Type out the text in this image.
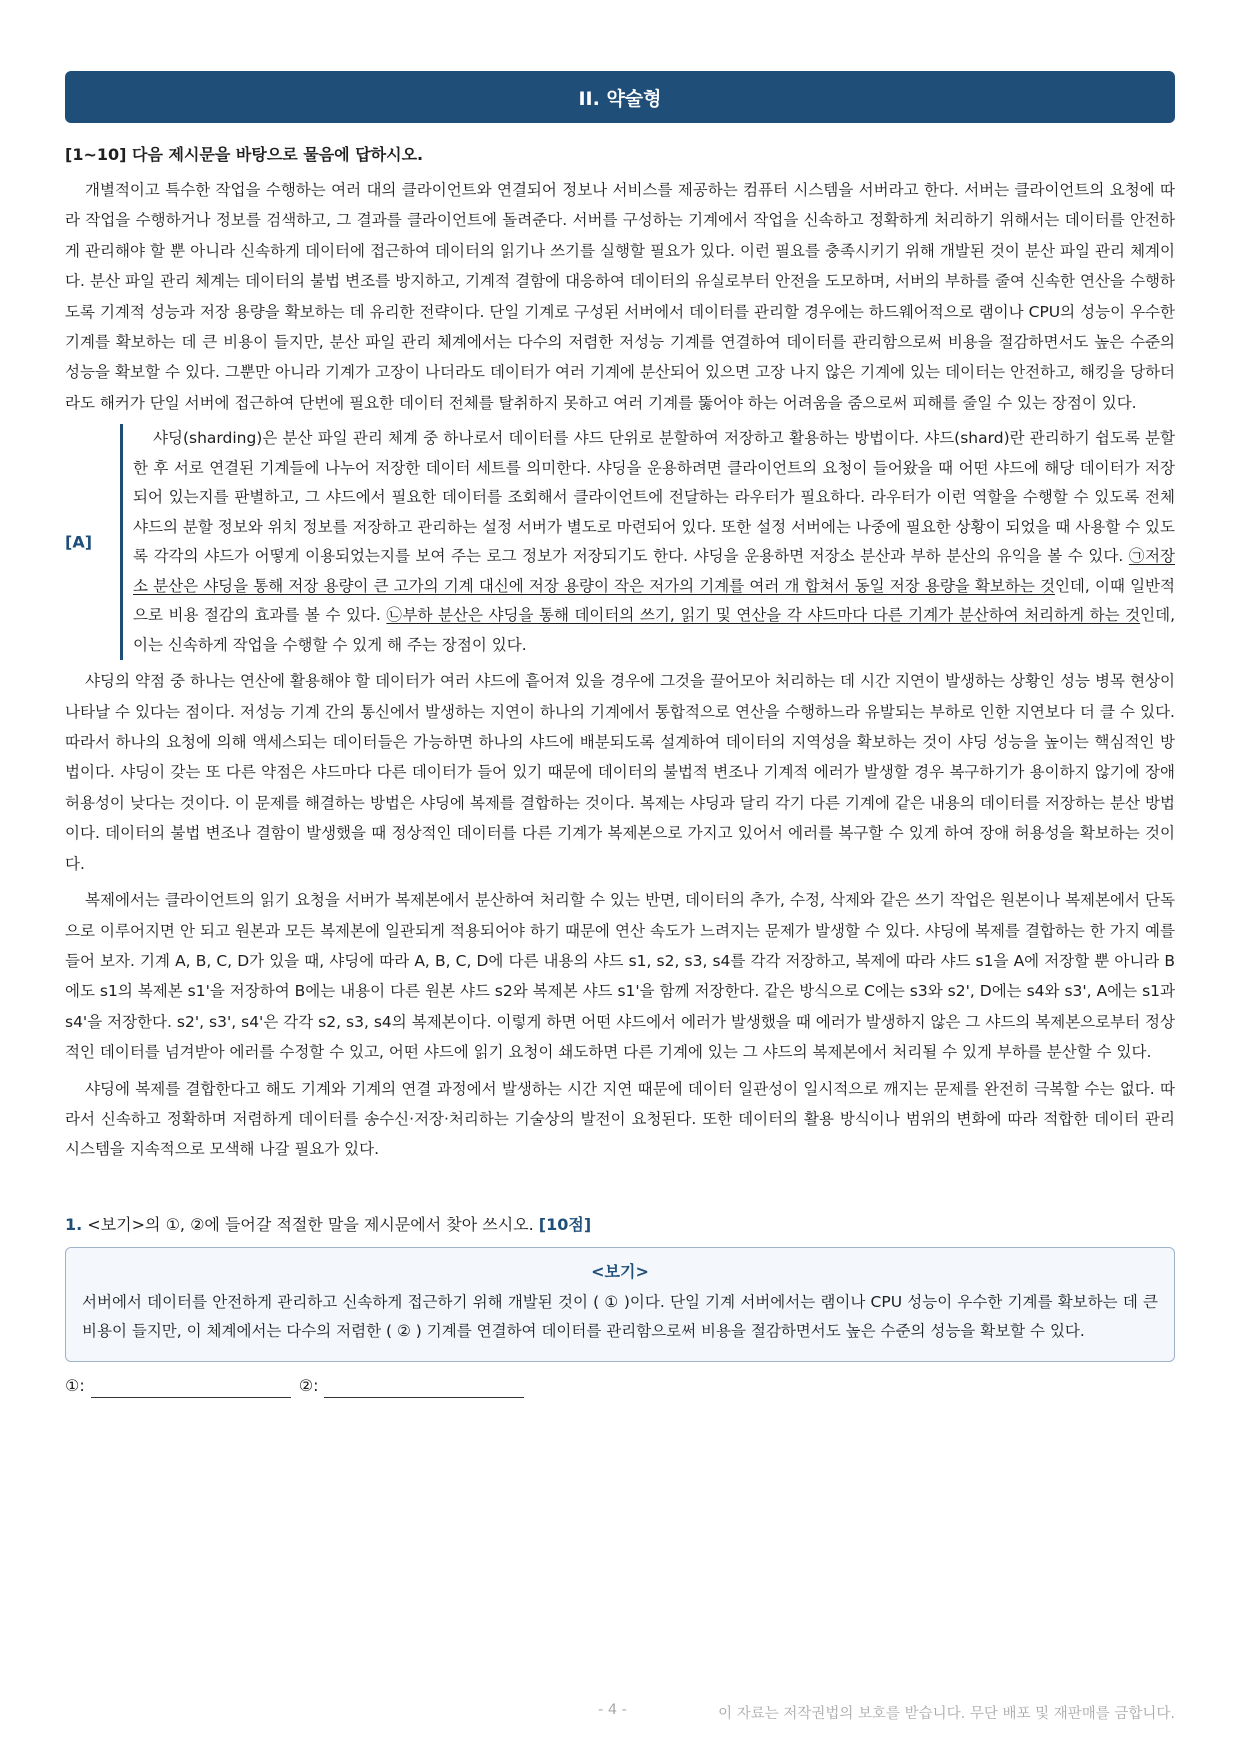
II. 약술형
[1~10] 다음 제시문을 바탕으로 물음에 답하시오.

개별적이고 특수한 작업을 수행하는 여러 대의 클라이언트와 연결되어 정보나 서비스를 제공하는 컴퓨터 시스템을 서버라고 한다. 서버는 클라이언트의 요청에 따라 작업을 수행하거나 정보를 검색하고, 그 결과를 클라이언트에 돌려준다. 서버를 구성하는 기계에서 작업을 신속하고 정확하게 처리하기 위해서는 데이터를 안전하게 관리해야 할 뿐 아니라 신속하게 데이터에 접근하여 데이터의 읽기나 쓰기를 실행할 필요가 있다. 이런 필요를 충족시키기 위해 개발된 것이 분산 파일 관리 체계이다. 분산 파일 관리 체계는 데이터의 불법 변조를 방지하고, 기계적 결함에 대응하여 데이터의 유실로부터 안전을 도모하며, 서버의 부하를 줄여 신속한 연산을 수행하도록 기계적 성능과 저장 용량을 확보하는 데 유리한 전략이다. 단일 기계로 구성된 서버에서 데이터를 관리할 경우에는 하드웨어적으로 램이나 CPU의 성능이 우수한 기계를 확보하는 데 큰 비용이 들지만, 분산 파일 관리 체계에서는 다수의 저렴한 저성능 기계를 연결하여 데이터를 관리함으로써 비용을 절감하면서도 높은 수준의 성능을 확보할 수 있다. 그뿐만 아니라 기계가 고장이 나더라도 데이터가 여러 기계에 분산되어 있으면 고장 나지 않은 기계에 있는 데이터는 안전하고, 해킹을 당하더라도 해커가 단일 서버에 접근하여 단번에 필요한 데이터 전체를 탈취하지 못하고 여러 기계를 뚫어야 하는 어려움을 줌으로써 피해를 줄일 수 있는 장점이 있다.

[A]

샤딩(sharding)은 분산 파일 관리 체계 중 하나로서 데이터를 샤드 단위로 분할하여 저장하고 활용하는 방법이다. 샤드(shard)란 관리하기 쉽도록 분할한 후 서로 연결된 기계들에 나누어 저장한 데이터 세트를 의미한다. 샤딩을 운용하려면 클라이언트의 요청이 들어왔을 때 어떤 샤드에 해당 데이터가 저장되어 있는지를 판별하고, 그 샤드에서 필요한 데이터를 조회해서 클라이언트에 전달하는 라우터가 필요하다. 라우터가 이런 역할을 수행할 수 있도록 전체 샤드의 분할 정보와 위치 정보를 저장하고 관리하는 설정 서버가 별도로 마련되어 있다. 또한 설정 서버에는 나중에 필요한 상황이 되었을 때 사용할 수 있도록 각각의 샤드가 어떻게 이용되었는지를 보여 주는 로그 정보가 저장되기도 한다. 샤딩을 운용하면 저장소 분산과 부하 분산의 유익을 볼 수 있다. ㉠저장소 분산은 샤딩을 통해 저장 용량이 큰 고가의 기계 대신에 저장 용량이 작은 저가의 기계를 여러 개 합쳐서 동일 저장 용량을 확보하는 것인데, 이때 일반적으로 비용 절감의 효과를 볼 수 있다. ㉡부하 분산은 샤딩을 통해 데이터의 쓰기, 읽기 및 연산을 각 샤드마다 다른 기계가 분산하여 처리하게 하는 것인데, 이는 신속하게 작업을 수행할 수 있게 해 주는 장점이 있다.

샤딩의 약점 중 하나는 연산에 활용해야 할 데이터가 여러 샤드에 흩어져 있을 경우에 그것을 끌어모아 처리하는 데 시간 지연이 발생하는 상황인 성능 병목 현상이 나타날 수 있다는 점이다. 저성능 기계 간의 통신에서 발생하는 지연이 하나의 기계에서 통합적으로 연산을 수행하느라 유발되는 부하로 인한 지연보다 더 클 수 있다. 따라서 하나의 요청에 의해 액세스되는 데이터들은 가능하면 하나의 샤드에 배분되도록 설계하여 데이터의 지역성을 확보하는 것이 샤딩 성능을 높이는 핵심적인 방법이다. 샤딩이 갖는 또 다른 약점은 샤드마다 다른 데이터가 들어 있기 때문에 데이터의 불법적 변조나 기계적 에러가 발생할 경우 복구하기가 용이하지 않기에 장애 허용성이 낮다는 것이다. 이 문제를 해결하는 방법은 샤딩에 복제를 결합하는 것이다. 복제는 샤딩과 달리 각기 다른 기계에 같은 내용의 데이터를 저장하는 분산 방법이다. 데이터의 불법 변조나 결함이 발생했을 때 정상적인 데이터를 다른 기계가 복제본으로 가지고 있어서 에러를 복구할 수 있게 하여 장애 허용성을 확보하는 것이다.

복제에서는 클라이언트의 읽기 요청을 서버가 복제본에서 분산하여 처리할 수 있는 반면, 데이터의 추가, 수정, 삭제와 같은 쓰기 작업은 원본이나 복제본에서 단독으로 이루어지면 안 되고 원본과 모든 복제본에 일관되게 적용되어야 하기 때문에 연산 속도가 느려지는 문제가 발생할 수 있다. 샤딩에 복제를 결합하는 한 가지 예를 들어 보자. 기계 A, B, C, D가 있을 때, 샤딩에 따라 A, B, C, D에 다른 내용의 샤드 s1, s2, s3, s4를 각각 저장하고, 복제에 따라 샤드 s1을 A에 저장할 뿐 아니라 B에도 s1의 복제본 s1'을 저장하여 B에는 내용이 다른 원본 샤드 s2와 복제본 샤드 s1'을 함께 저장한다. 같은 방식으로 C에는 s3와 s2', D에는 s4와 s3', A에는 s1과 s4'을 저장한다. s2', s3', s4'은 각각 s2, s3, s4의 복제본이다. 이렇게 하면 어떤 샤드에서 에러가 발생했을 때 에러가 발생하지 않은 그 샤드의 복제본으로부터 정상적인 데이터를 넘겨받아 에러를 수정할 수 있고, 어떤 샤드에 읽기 요청이 쇄도하면 다른 기계에 있는 그 샤드의 복제본에서 처리될 수 있게 부하를 분산할 수 있다.

샤딩에 복제를 결합한다고 해도 기계와 기계의 연결 과정에서 발생하는 시간 지연 때문에 데이터 일관성이 일시적으로 깨지는 문제를 완전히 극복할 수는 없다. 따라서 신속하고 정확하며 저렴하게 데이터를 송수신·저장·처리하는 기술상의 발전이 요청된다. 또한 데이터의 활용 방식이나 범위의 변화에 따라 적합한 데이터 관리 시스템을 지속적으로 모색해 나갈 필요가 있다.

1. <보기>의 ①, ②에 들어갈 적절한 말을 제시문에서 찾아 쓰시오. [10점]
<보기>
서버에서 데이터를 안전하게 관리하고 신속하게 접근하기 위해 개발된 것이 ( ① )이다. 단일 기계 서버에서는 램이나 CPU 성능이 우수한 기계를 확보하는 데 큰 비용이 들지만, 이 체계에서는 다수의 저렴한 ( ② ) 기계를 연결하여 데이터를 관리함으로써 비용을 절감하면서도 높은 수준의 성능을 확보할 수 있다.
①:	②:
- 4 -	이 자료는 저작권법의 보호를 받습니다. 무단 배포 및 재판매를 금합니다.
